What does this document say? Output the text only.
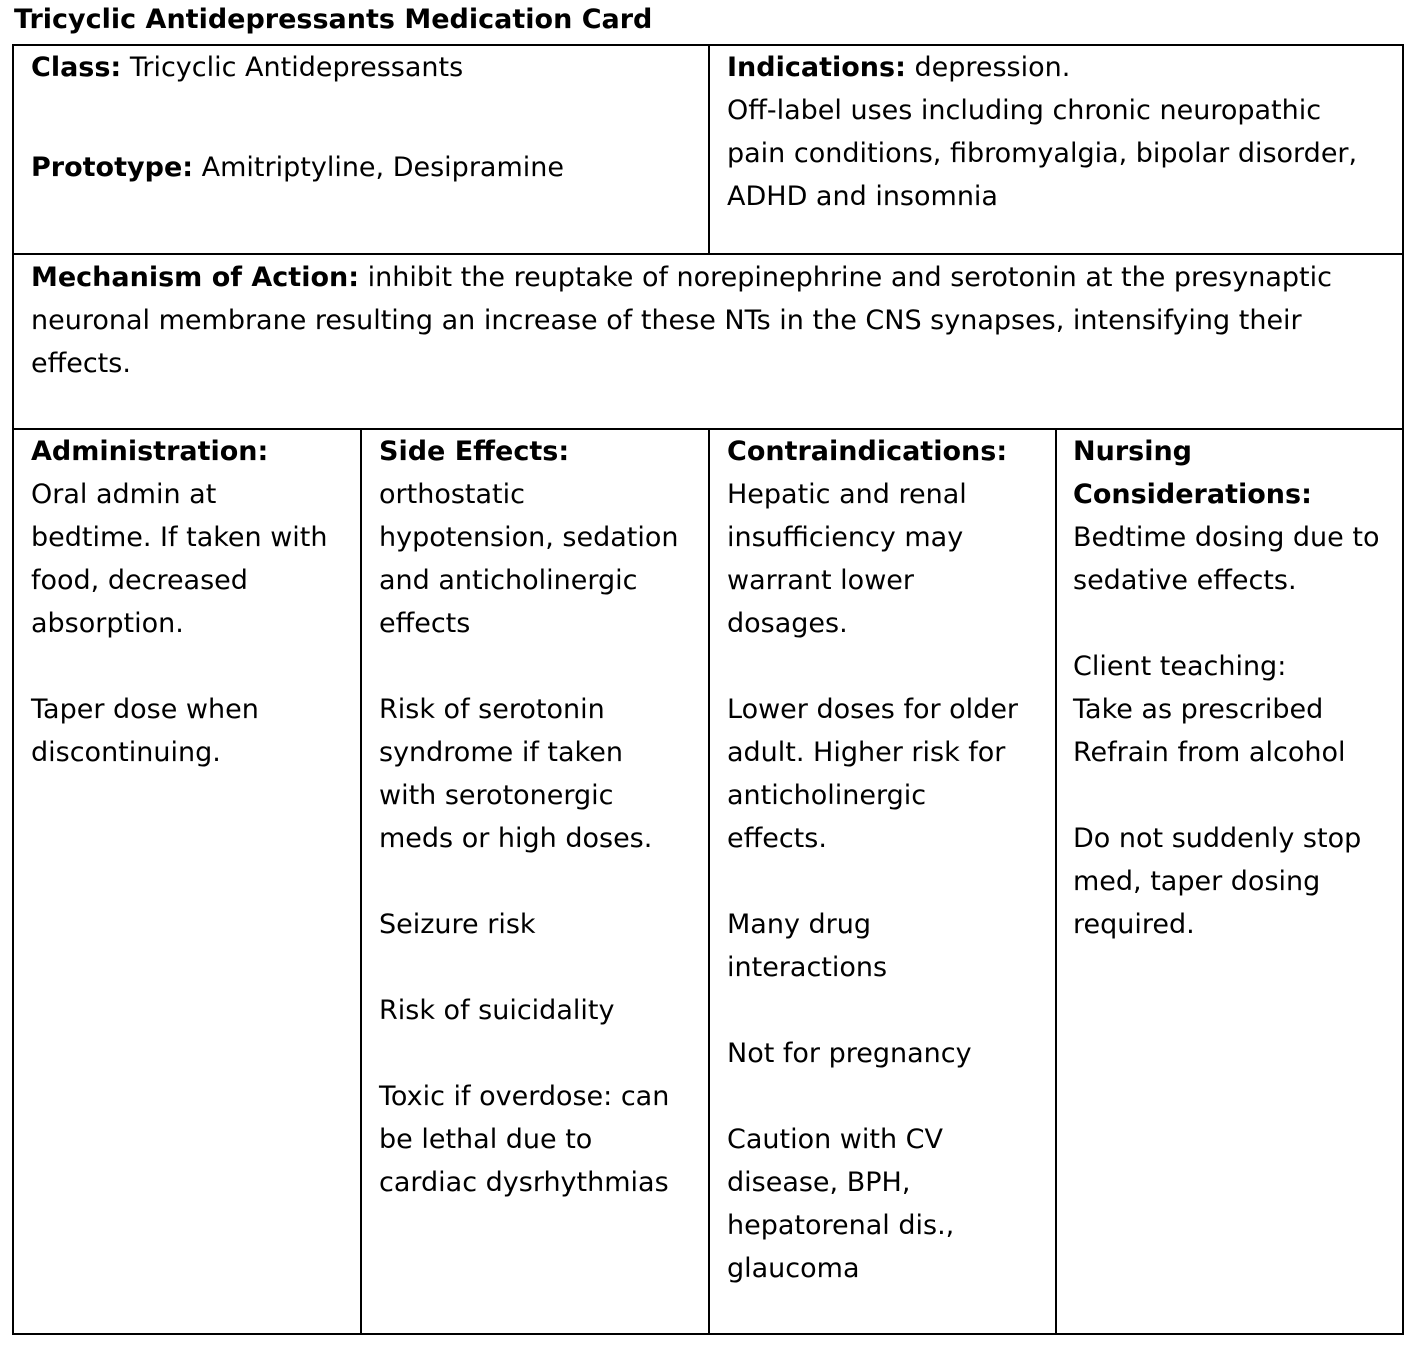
Tricyclic Antidepressants Medication Card

Class: Tricyclic Antidepressants

Prototype: Amitriptyline, Desipramine

Indications: depression.

Off-label uses including chronic neuropathic

pain conditions, fibromyalgia, bipolar disorder,

ADHD and insomnia

Mechanism of Action: inhibit the reuptake of norepinephrine and serotonin at the presynaptic

neuronal membrane resulting an increase of these NTs in the CNS synapses, intensifying their

effects.

Administration:

Oral admin at

bedtime. If taken with

food, decreased

absorption.

Taper dose when

discontinuing.

Side Effects:

orthostatic

hypotension, sedation

and anticholinergic

effects

Risk of serotonin

syndrome if taken

with serotonergic

meds or high doses.

Seizure risk

Risk of suicidality

Toxic if overdose: can

be lethal due to

cardiac dysrhythmias

Contraindications:

Hepatic and renal

insufficiency may

warrant lower

dosages.

Lower doses for older

adult. Higher risk for

anticholinergic

effects.

Many drug

interactions

Not for pregnancy

Caution with CV

disease, BPH,

hepatorenal dis.,

glaucoma

Nursing

Considerations:

Bedtime dosing due to

sedative effects.

Client teaching:

Take as prescribed

Refrain from alcohol

Do not suddenly stop

med, taper dosing

required.
